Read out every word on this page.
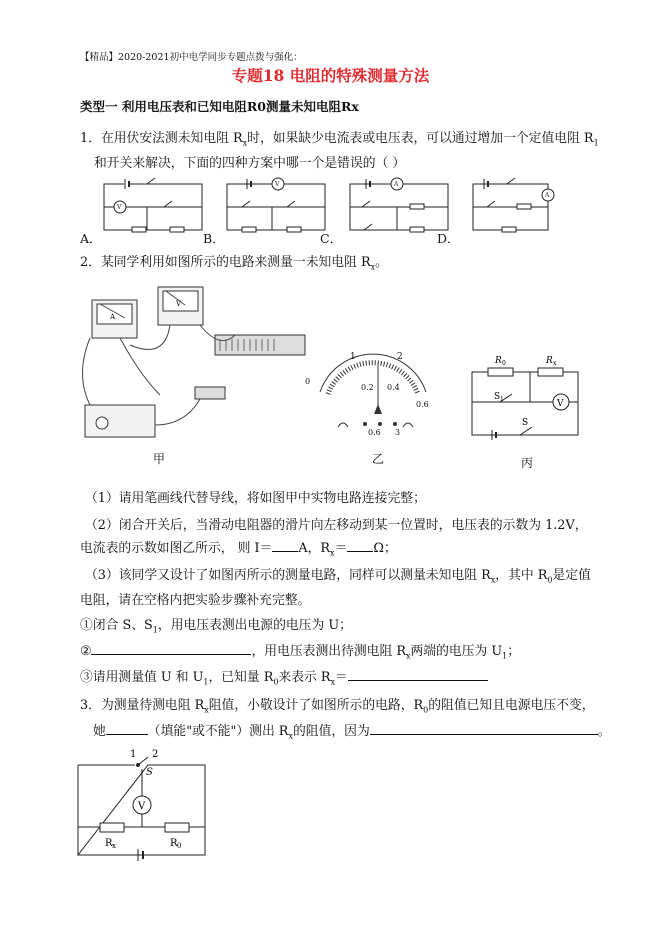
【精品】2020-2021初中电学同步专题点拨与强化：
专题18 电阻的特殊测量方法
类型一 利用电压表和已知电阻R0测量未知电阻Rx
1．在用伏安法测未知电阻 $R_x$时，如果缺少电流表或电压表，可以通过增加一个定值电阻 $R_1$
和开关来解决，下面的四种方案中哪一个是错误的（ ）
V
V	A
A
A．	B．	C．	D．
2．某同学利用如图所示的电路来测量一未知电阻 $R_x$。
A
V
甲
0
1	2
0.2 0.4
0.6
0.6 3
乙
V
R 0	R x
S 1
S
丙
（1）请用笔画线代替导线，将如图甲中实物电路连接完整；
（2）闭合开关后，当滑动电阻器的滑片向左移动到某一位置时，电压表的示数为 1.2V，
电流表的示数如图乙所示， 则 I＝ A，$R_x= \Omega$；
（3）该同学又设计了如图丙所示的测量电路，同样可以测量未知电阻 $R_x$，其中 $R_0$是定值
电阻，请在空格内把实验步骤补充完整。
①闭合 S、$S_1$，用电压表测出电源的电压为 U；
②	，用电压表测出待测电阻 $R_x$两端的电压为 $U_1$；
③请用测量值 U 和 $U_1$，已知量 $R_0$来表示 $R_x=$
3．为测量待测电阻 $R_x$阻值，小敬设计了如图所示的电路，$R_0$的阻值已知且电源电压不变，
她	（填能"或不能"）测出 $R_x$的阻值，因为	。
1 2
S
V
R x	R 0
